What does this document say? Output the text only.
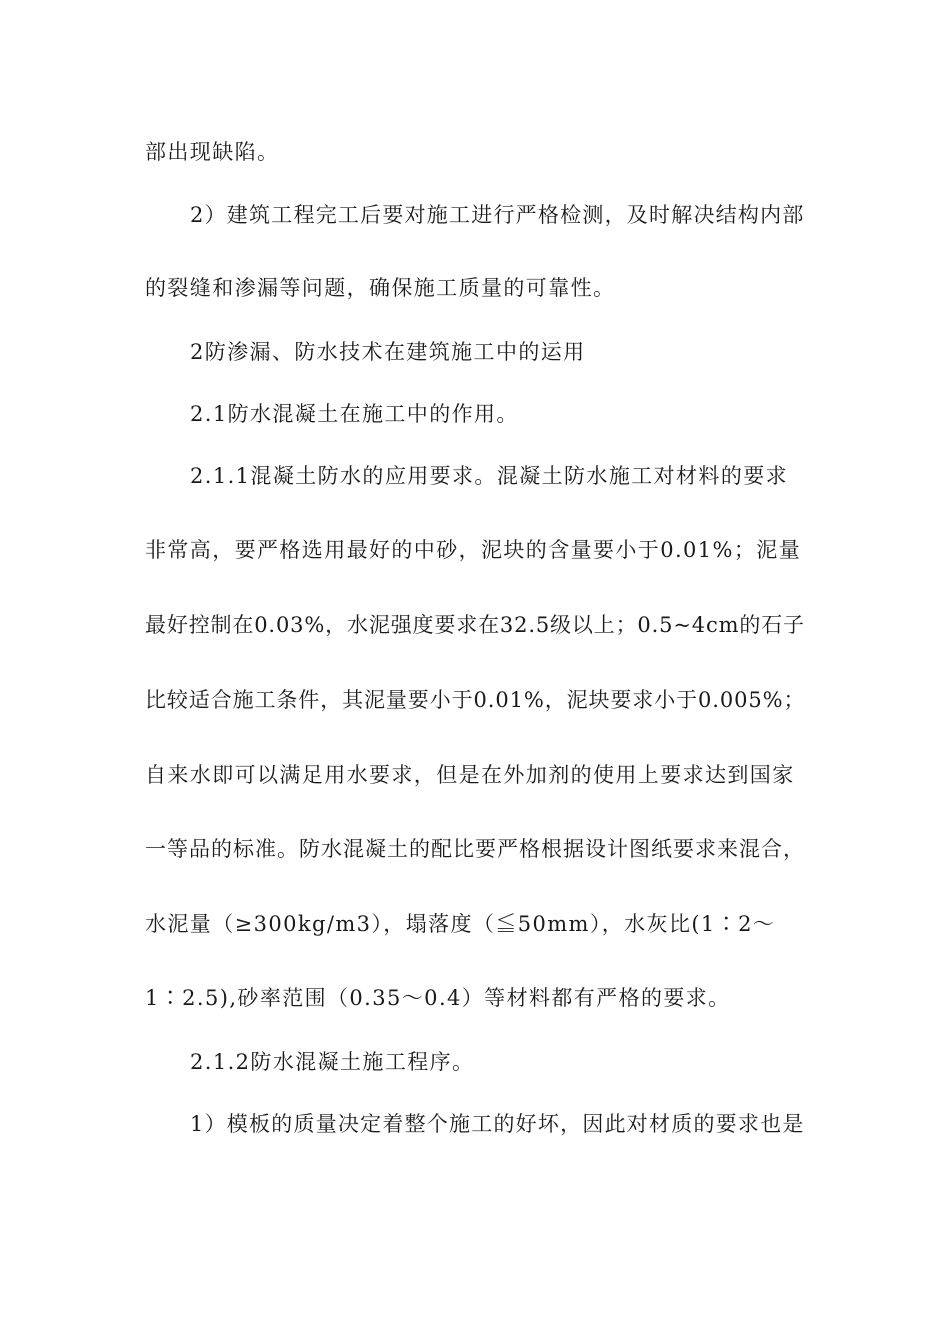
部出现缺陷。
2）建筑工程完工后要对施工进行严格检测，及时解决结构内部
的裂缝和渗漏等问题，确保施工质量的可靠性。
2防渗漏、防水技术在建筑施工中的运用
2.1防水混凝土在施工中的作用。
2.1.1混凝土防水的应用要求。混凝土防水施工对材料的要求
非常高，要严格选用最好的中砂，泥块的含量要小于0.01%；泥量
最好控制在0.03%，水泥强度要求在32.5级以上；0.5~4cm的石子
比较适合施工条件，其泥量要小于0.01%，泥块要求小于0.005%；
自来水即可以满足用水要求，但是在外加剂的使用上要求达到国家
一等品的标准。防水混凝土的配比要严格根据设计图纸要求来混合，
水泥量（≥300kg/m3），塌落度（≦50mm），水灰比(1∶2～
1∶2.5),砂率范围（0.35～0.4）等材料都有严格的要求。
2.1.2防水混凝土施工程序。
1）模板的质量决定着整个施工的好坏，因此对材质的要求也是
